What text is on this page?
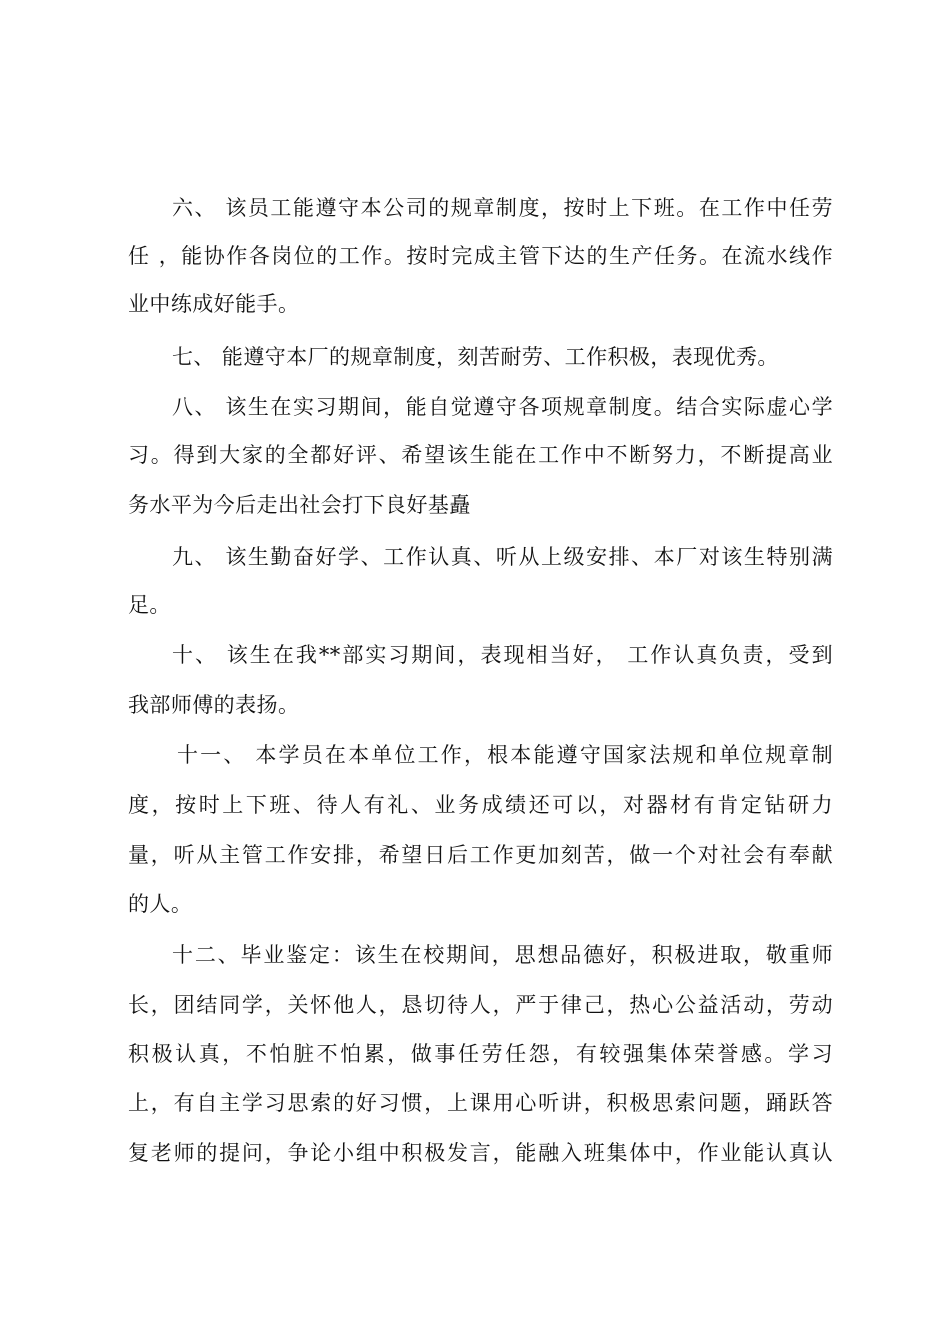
六、 该员工能遵守本公司的规章制度，按时上下班。在工作中任劳
任 ，能协作各岗位的工作。按时完成主管下达的生产任务。在流水线作
业中练成好能手。
七、 能遵守本厂的规章制度，刻苦耐劳、工作积极，表现优秀。
八、 该生在实习期间，能自觉遵守各项规章制度。结合实际虚心学
习。得到大家的全都好评、希望该生能在工作中不断努力，不断提高业
务水平为今后走出社会打下良好基矗
九、 该生勤奋好学、工作认真、听从上级安排、本厂对该生特别满
足。
十、 该生在我**部实习期间，表现相当好， 工作认真负责，受到
我部师傅的表扬。
十一、 本学员在本单位工作，根本能遵守国家法规和单位规章制
度，按时上下班、待人有礼、业务成绩还可以，对器材有肯定钻研力
量，听从主管工作安排，希望日后工作更加刻苦，做一个对社会有奉献
的人。
十二、毕业鉴定：该生在校期间，思想品德好，积极进取，敬重师
长，团结同学，关怀他人，恳切待人，严于律己，热心公益活动，劳动
积极认真，不怕脏不怕累，做事任劳任怨，有较强集体荣誉感。学习
上，有自主学习思索的好习惯，上课用心听讲，积极思索问题，踊跃答
复老师的提问，争论小组中积极发言，能融入班集体中，作业能认真认
